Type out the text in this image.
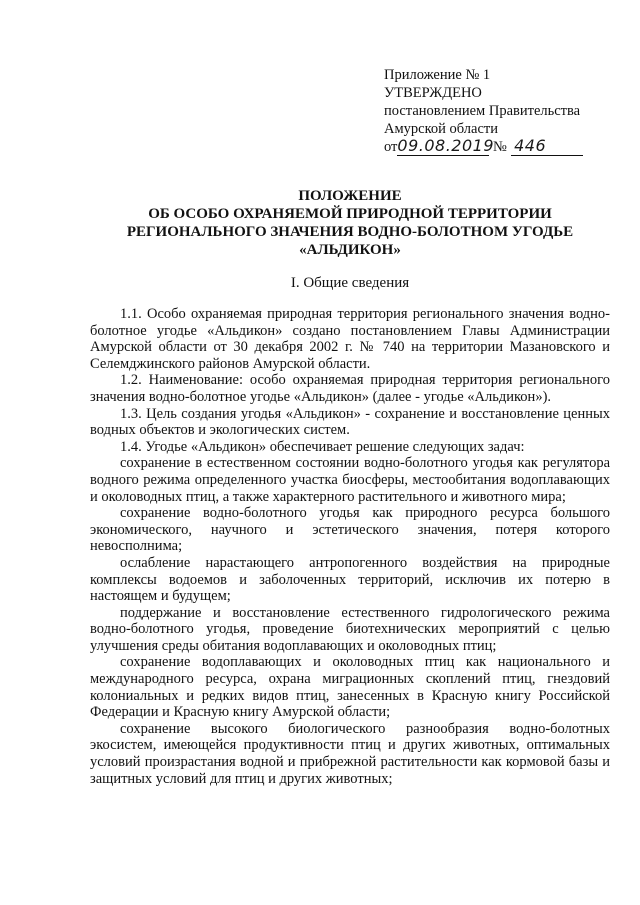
Приложение № 1
УТВЕРЖДЕНО
постановлением Правительства
Амурской области
от09.08.2019 № 446
ПОЛОЖЕНИЕ
ОБ ОСОБО ОХРАНЯЕМОЙ ПРИРОДНОЙ ТЕРРИТОРИИ
РЕГИОНАЛЬНОГО ЗНАЧЕНИЯ ВОДНО-БОЛОТНОМ УГОДЬЕ
«АЛЬДИКОН»
I. Общие сведения

1.1. Особо охраняемая природная территория регионального значения водно-болотное угодье «Альдикон» создано постановлением Главы Администрации Амурской области от 30 декабря 2002 г. № 740 на территории Мазановского и Селемджинского районов Амурской области.

1.2. Наименование: особо охраняемая природная территория регионального значения водно-болотное угодье «Альдикон» (далее - угодье «Альдикон»).

1.3. Цель создания угодья «Альдикон» - сохранение и восстановление ценных водных объектов и экологических систем.

1.4. Угодье «Альдикон» обеспечивает решение следующих задач:

сохранение в естественном состоянии водно-болотного угодья как регулятора водного режима определенного участка биосферы, местообитания водоплавающих и околоводных птиц, а также характерного растительного и животного мира;

сохранение водно-болотного угодья как природного ресурса большого экономического, научного и эстетического значения, потеря которого невосполнима;

ослабление нарастающего антропогенного воздействия на природные комплексы водоемов и заболоченных территорий, исключив их потерю в настоящем и будущем;

поддержание и восстановление естественного гидрологического режима водно-болотного угодья, проведение биотехнических мероприятий с целью улучшения среды обитания водоплавающих и околоводных птиц;

сохранение водоплавающих и околоводных птиц как национального и международного ресурса, охрана миграционных скоплений птиц, гнездовий колониальных и редких видов птиц, занесенных в Красную книгу Российской Федерации и Красную книгу Амурской области;

сохранение высокого биологического разнообразия водно-болотных экосистем, имеющейся продуктивности птиц и других животных, оптимальных условий произрастания водной и прибрежной растительности как кормовой базы и защитных условий для птиц и других животных;
